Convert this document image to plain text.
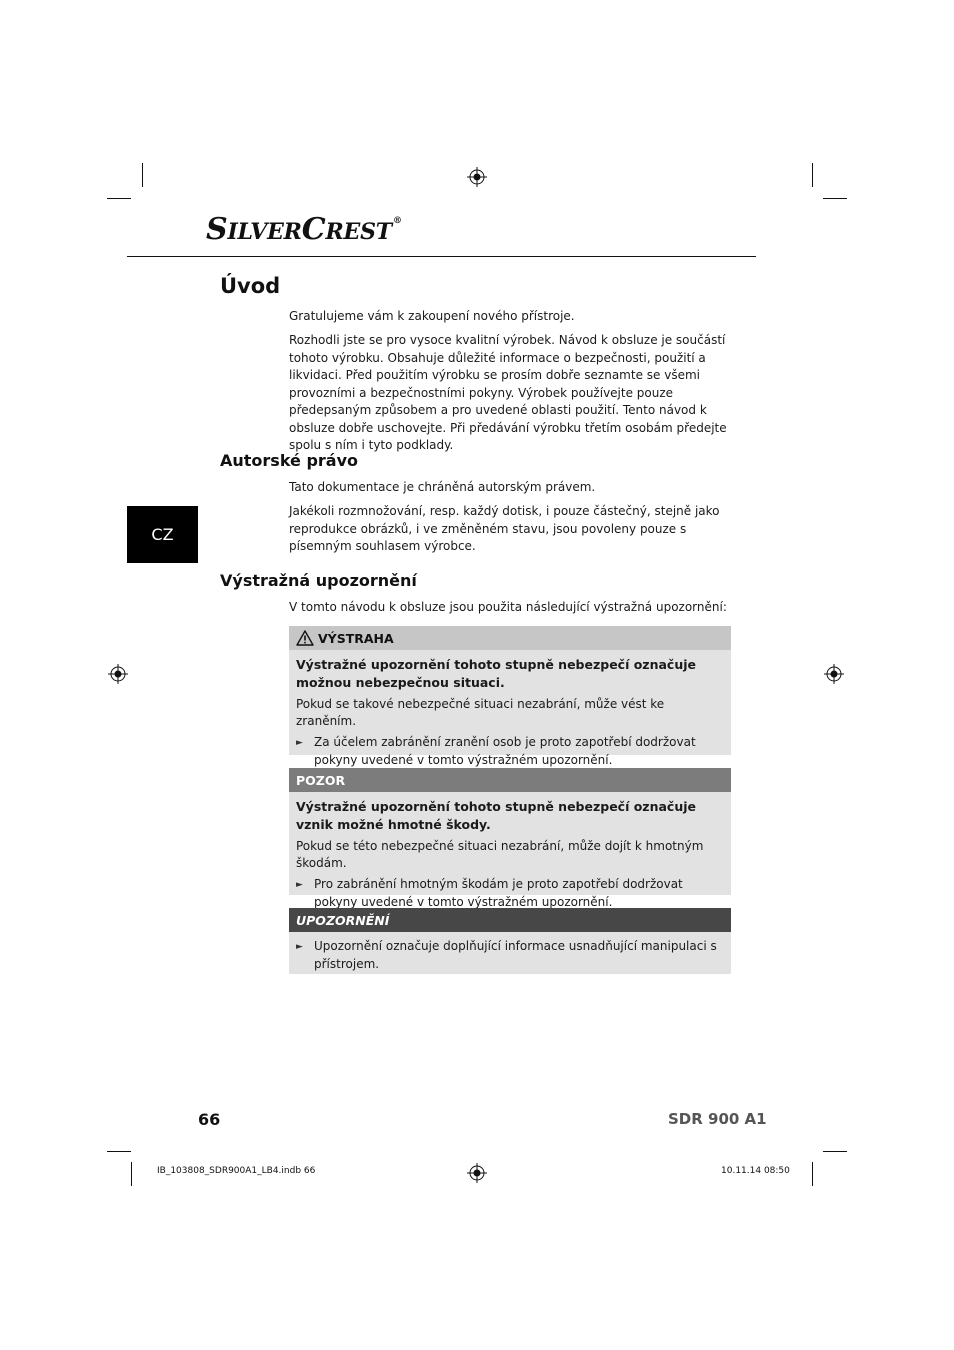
SILVERCREST®
Úvod

Gratulujeme vám k zakoupení nového přístroje.

Rozhodli jste se pro vysoce kvalitní výrobek. Návod k obsluze je součástí tohoto výrobku. Obsahuje důležité informace o bezpečnosti, použití a likvidaci. Před použitím výrobku se prosím dobře seznamte se všemi provozními a bezpečnostními pokyny. Výrobek používejte pouze předepsaným způsobem a pro uvedené oblasti použití. Tento návod k obsluze dobře uschovejte. Při předávání výrobku třetím osobám předejte spolu s ním i tyto podklady.

Autorské právo

Tato dokumentace je chráněná autorským právem.

Jakékoli rozmnožování, resp. každý dotisk, i pouze částečný, stejně jako reprodukce obrázků, i ve změněném stavu, jsou povoleny pouze s písemným souhlasem výrobce.

CZ
Výstražná upozornění

V tomto návodu k obsluze jsou použita následující výstražná upozornění:

VÝSTRAHA

Výstražné upozornění tohoto stupně nebezpečí označuje možnou nebezpečnou situaci.

Pokud se takové nebezpečné situaci nezabrání, může vést ke zraněním.

► Za účelem zabránění zranění osob je proto zapotřebí dodržovat pokyny uvedené v tomto výstražném upozornění.
POZOR

Výstražné upozornění tohoto stupně nebezpečí označuje vznik možné hmotné škody.

Pokud se této nebezpečné situaci nezabrání, může dojít k hmotným škodám.

► Pro zabránění hmotným škodám je proto zapotřebí dodržovat pokyny uvedené v tomto výstražném upozornění.
UPOZORNĚNÍ
► Upozornění označuje doplňující informace usnadňující manipulaci s přístrojem.
66	SDR 900 A1
IB_103808_SDR900A1_LB4.indb 66	10.11.14 08:50
